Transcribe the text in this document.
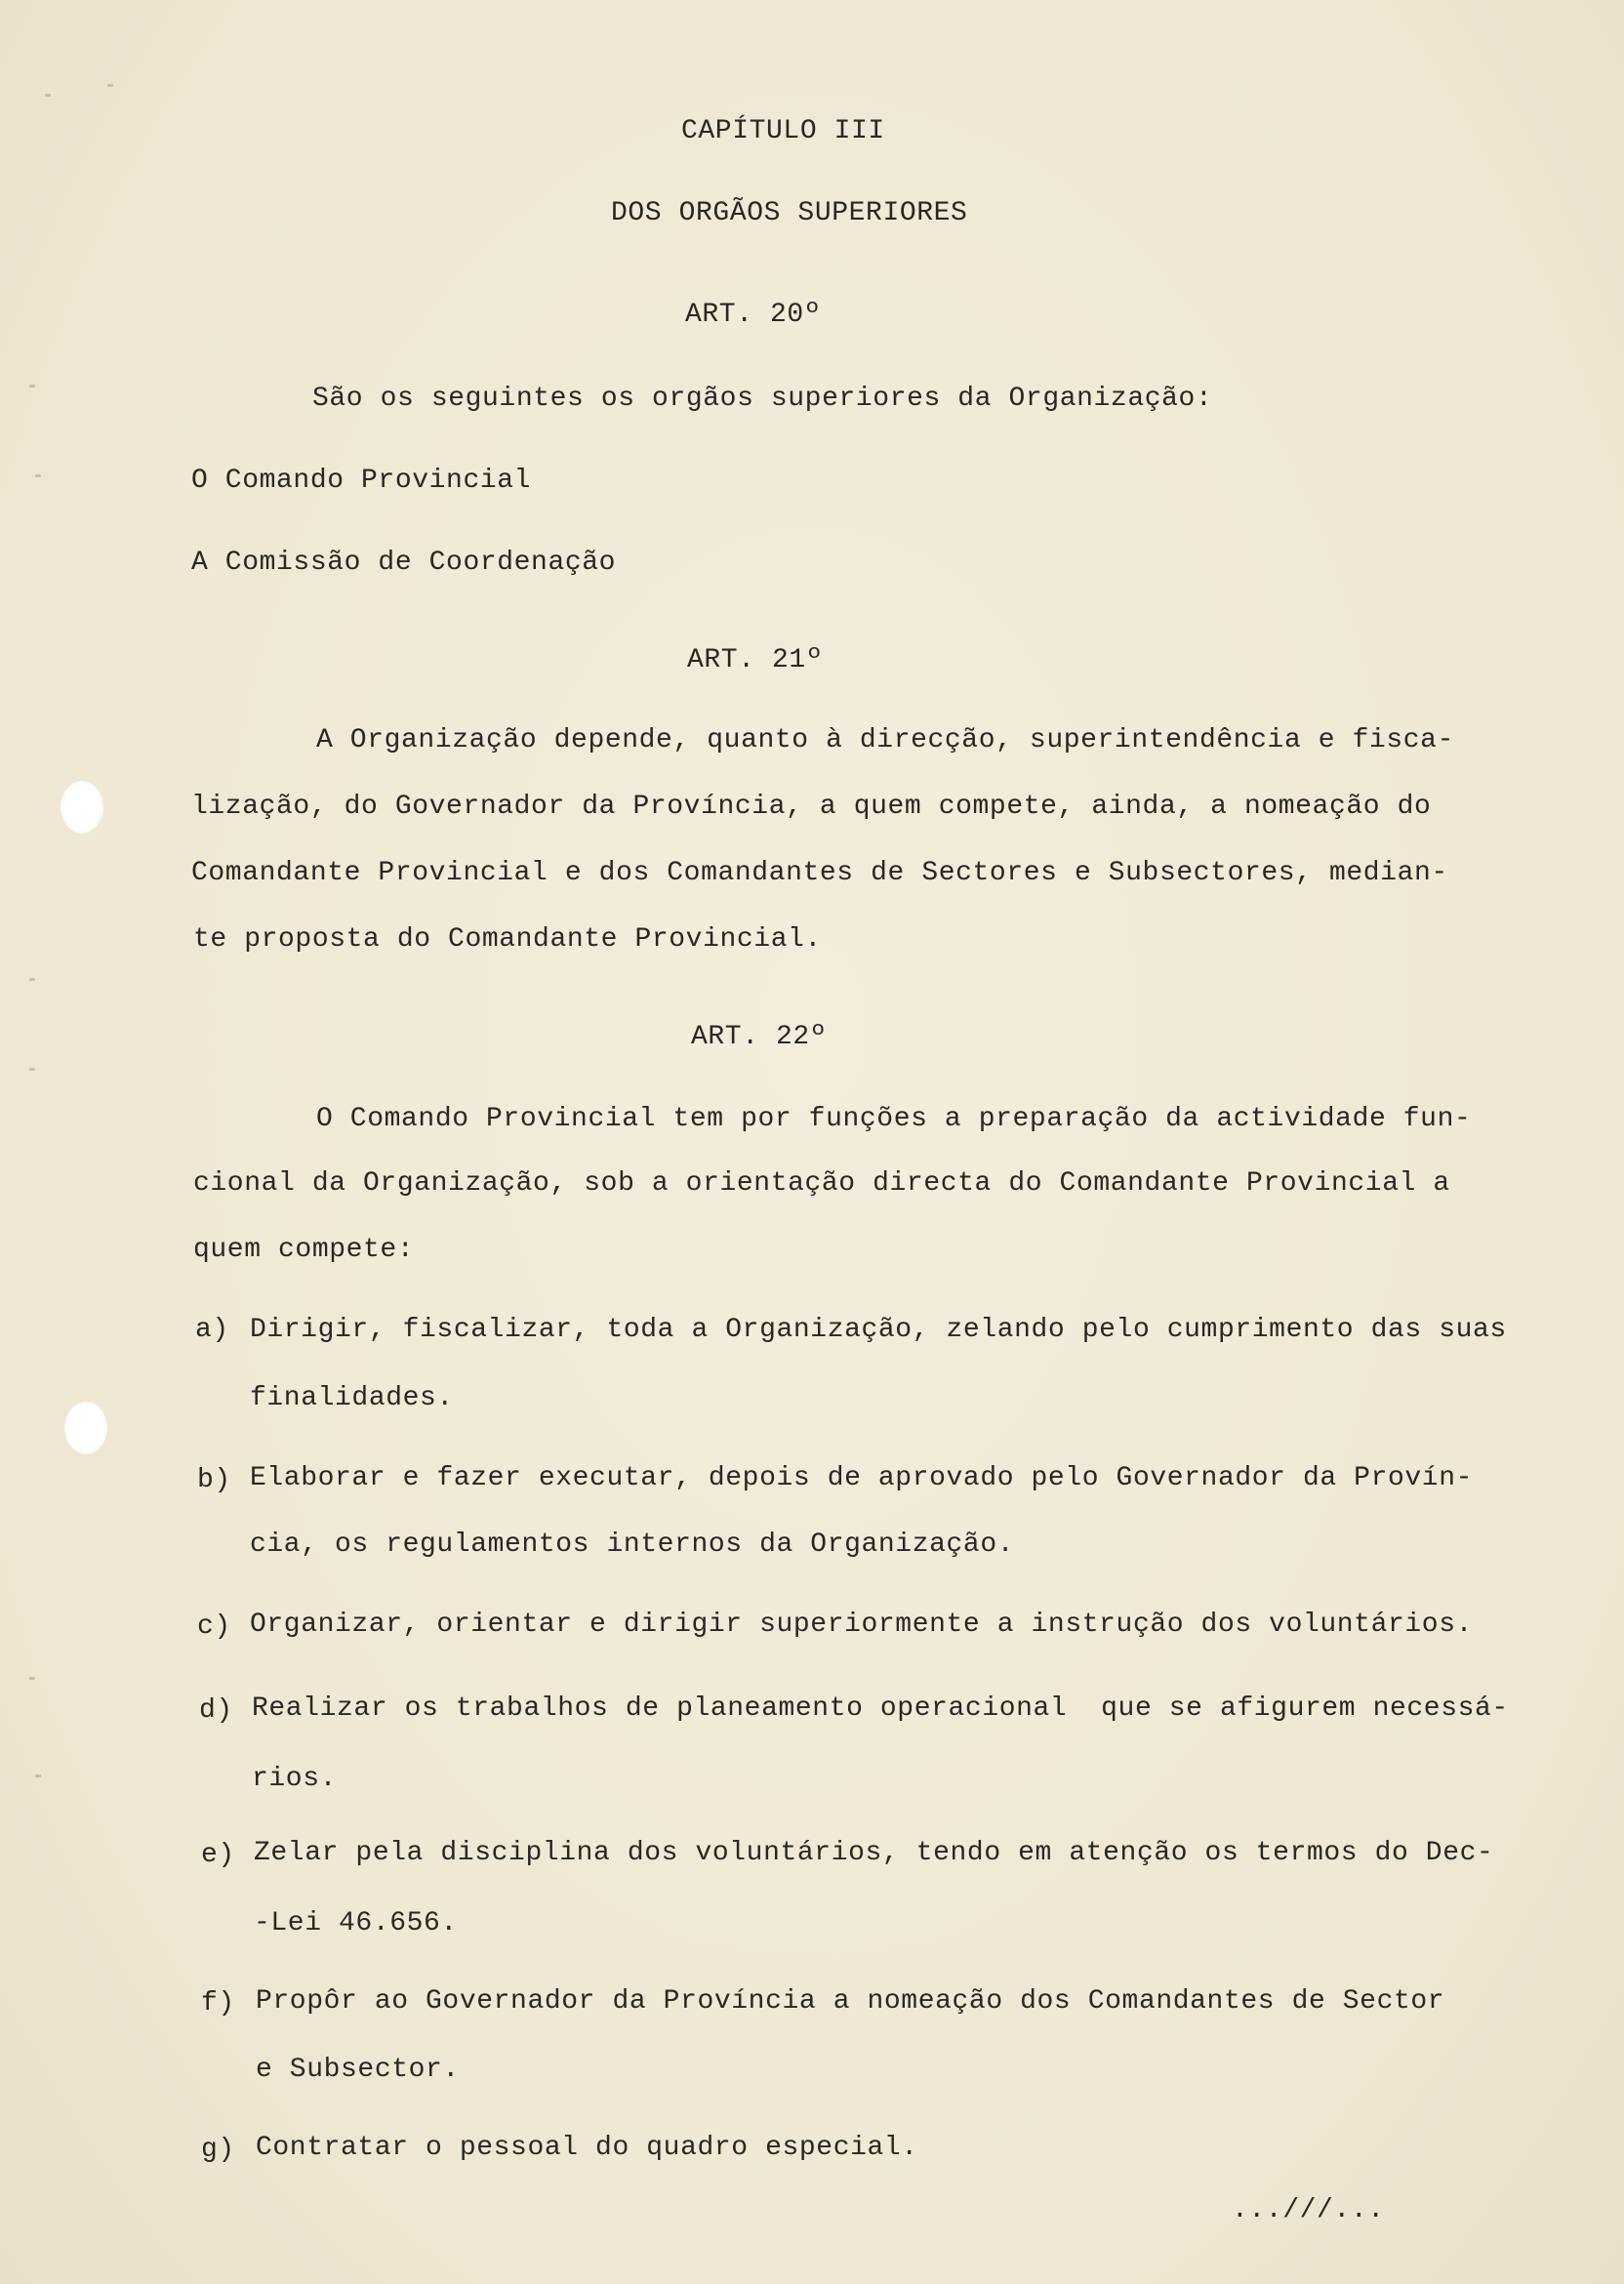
CAPÍTULO III
DOS ORGÃOS SUPERIORES
ART. 20º
São os seguintes os orgãos superiores da Organização:
O Comando Provincial
A Comissão de Coordenação
ART. 21º
A Organização depende, quanto à direcção, superintendência e fisca-
lização, do Governador da Província, a quem compete, ainda, a nomeação do
Comandante Provincial e dos Comandantes de Sectores e Subsectores, median-
te proposta do Comandante Provincial.
ART. 22º
O Comando Provincial tem por funções a preparação da actividade fun-
cional da Organização, sob a orientação directa do Comandante Provincial a
quem compete:
a) Dirigir, fiscalizar, toda a Organização, zelando pelo cumprimento das suas
finalidades.
b) Elaborar e fazer executar, depois de aprovado pelo Governador da Provín-
cia, os regulamentos internos da Organização.
c) Organizar, orientar e dirigir superiormente a instrução dos voluntários.
d) Realizar os trabalhos de planeamento operacional  que se afigurem necessá-
rios.
e) Zelar pela disciplina dos voluntários, tendo em atenção os termos do Dec-
-Lei 46.656.
f) Propôr ao Governador da Província a nomeação dos Comandantes de Sector
e Subsector.
g) Contratar o pessoal do quadro especial.
...///...
